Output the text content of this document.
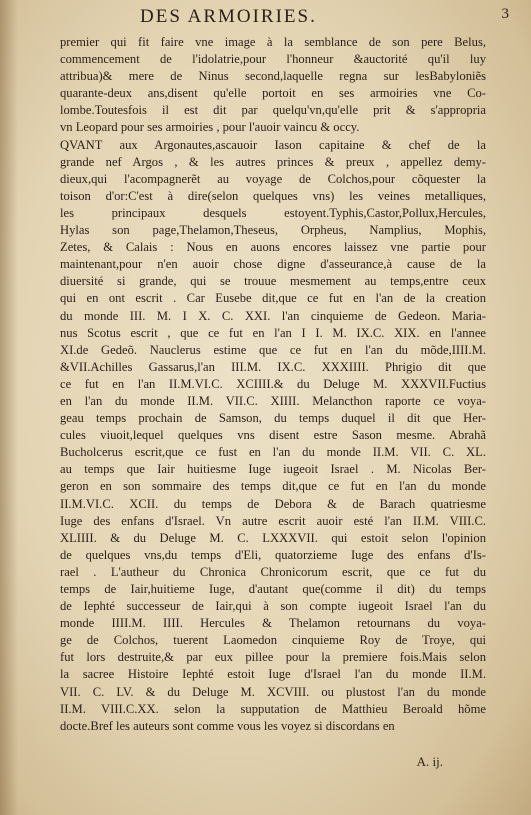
DES ARMOIRIES.	3
premier qui fit faire vne image à la semblance de son pere Belus,
commencement de l'idolatrie,pour l'honneur &auctorité qu'il luy
attribua)& mere de Ninus second,laquelle regna sur lesBabyloniẽs
quarante-deux ans,disent qu'elle portoit en ses armoiries vne Co-
lombe.Toutesfois il est dit par quelqu'vn,qu'elle prit & s'appropria
vn Leopard pour ses armoiries , pour l'auoir vaincu & occy.
QVANT aux Argonautes,ascauoir Iason capitaine & chef de la
grande nef Argos , & les autres princes & preux , appellez demy-
dieux,qui l'acompagnerẽt au voyage de Colchos,pour cõquester la
toison d'or:C'est à dire(selon quelques vns) les veines metalliques,
les principaux desquels estoyent.Typhis,Castor,Pollux,Hercules,
Hylas son page,Thelamon,Theseus, Orpheus, Namplius, Mophis,
Zetes, & Calais : Nous en auons encores laissez vne partie pour
maintenant,pour n'en auoir chose digne d'asseurance,à cause de la
diuersité si grande, qui se trouue mesmement au temps,entre ceux
qui en ont escrit . Car Eusebe dit,que ce fut en l'an de la creation
du monde III. M. I X. C. XXI. l'an cinquieme de Gedeon. Maria-
nus Scotus escrit , que ce fut en l'an I I. M. IX.C. XIX. en l'annee
XI.de Gedeõ. Nauclerus estime que ce fut en l'an du mõde,IIII.M.
&VII.Achilles Gassarus,l'an III.M. IX.C. XXXIIII. Phrigio dit que
ce fut en l'an II.M.VI.C. XCIIII.& du Deluge M. XXXVII.Fuctius
en l'an du monde II.M. VII.C. XIIII. Melancthon raporte ce voya-
geau temps prochain de Samson, du temps duquel il dit que Her-
cules viuoit,lequel quelques vns disent estre Sason mesme. Abrahã
Bucholcerus escrit,que ce fust en l'an du monde II.M. VII. C. XL.
au temps que Iair huitiesme Iuge iugeoit Israel . M. Nicolas Ber-
geron en son sommaire des temps dit,que ce fut en l'an du monde
II.M.VI.C. XCII. du temps de Debora & de Barach quatriesme
Iuge des enfans d'Israel. Vn autre escrit auoir esté l'an II.M. VIII.C.
XLIIII. & du Deluge M. C. LXXXVII. qui estoit selon l'opinion
de quelques vns,du temps d'Eli, quatorzieme Iuge des enfans d'Is-
rael . L'autheur du Chronica Chronicorum escrit, que ce fut du
temps de Iair,huitieme Iuge, d'autant que(comme il dit) du temps
de Iephté successeur de Iair,qui à son compte iugeoit Israel l'an du
monde IIII.M. IIII. Hercules & Thelamon retournans du voya-
ge de Colchos, tuerent Laomedon cinquieme Roy de Troye, qui
fut lors destruite,& par eux pillee pour la premiere fois.Mais selon
la sacree Histoire Iephté estoit Iuge d'Israel l'an du monde II.M.
VII. C. LV. & du Deluge M. XCVIII. ou plustost l'an du monde
II.M. VIII.C.XX. selon la supputation de Matthieu Beroald hõme
docte.Bref les auteurs sont comme vous les voyez si discordans en
A. ij.
